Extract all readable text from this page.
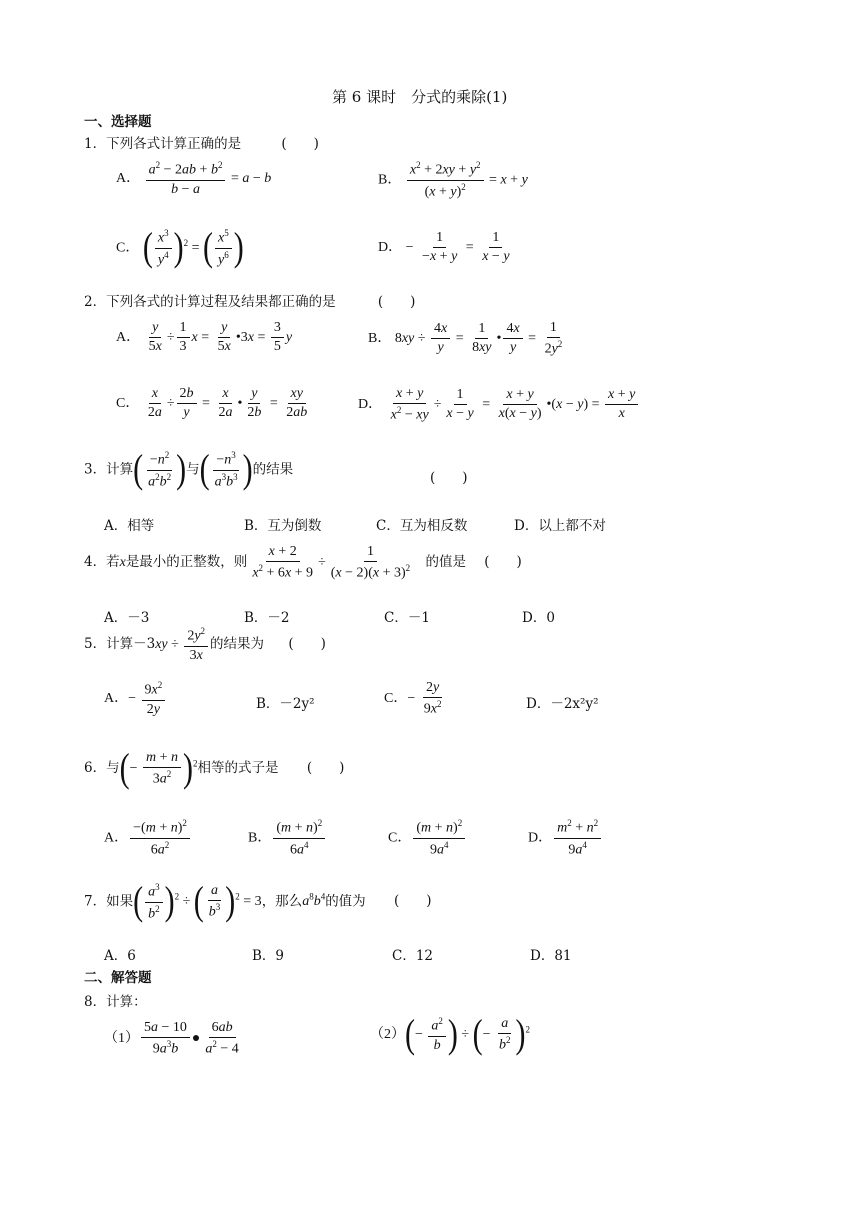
第 6 课时　分式的乘除(1)
一、选择题
1．下列各式计算正确的是	(　　)
A． $\frac{a^2 - 2ab + b^2}{b - a} = a - b$	B． $\frac{x^2 + 2xy + y^2}{(x + y)^2} = x + y$
C． ( $\frac{x^3}{y^4} )^2$ = ( $\frac{x^5}{y^6}$ )	D． − $\frac{1}{-x + y} = \frac{1}{x - y}$
2．下列各式的计算过程及结果都正确的是	(　　)
A． $\frac{y}{5x} \div \frac{1}{3}$ $x = \frac{y}{5x}$ •3x = $\frac{3}{5}$ y	B． $8xy \div \frac{4x}{y} = \frac{1}{8xy}$ • $\frac{4x}{y} = \frac{1}{2y^2}$
C． $\frac{x}{2a} \div \frac{2b}{y} = \frac{x}{2a}$ • $\frac{y}{2b} = \frac{xy}{2ab}$	D． $\frac{x + y}{x^2 - xy} \div \frac{1}{x - y} = \frac{x + y}{x(x - y)}$ •(x − $y) = \frac{x + y}{x}$
3．计算( $\frac{-n^2}{a^2b^2}$ )与( $\frac{-n^3}{a^3b^3}$ )的结果
(　　)
A．相等	B．互为倒数	C．互为相反数	D．以上都不对
4．若x是最小的正整数，则 $\frac{x + 2}{x^2 + 6x + 9} \div \frac{1}{(x - 2)(x + 3)^2}$ 的值是 (　　)
A．－3	B．－2	C．－1	D．0
5．计算$-3xy \div \frac{2y^2}{3x}$ 的结果为 (　　)
A．− $\frac{9x^2}{2y}$	B．－2y²	C．− $\frac{2y}{9x^2}$	D．－2x²y²
6．与(− $\frac{m + n}{3a^2} )^2$相等的式子是 (　　)
A． $\frac{-(m + n)^2}{6a^2}$	B． $\frac{(m + n)^2}{6a^4}$	C． $\frac{(m + n)^2}{9a^4}$	D． $\frac{m^2 + n^2}{9a^4}$
7．如果( $\frac{a^3}{b^2} )^2$ ÷ ( $\frac{a}{b^3} )^2 = 3$，那么$a^8b^4$的值为 (　　)
A．6	B．9	C．12	D．81
二、解答题
8．计算：
$(1) \frac{5a - 10}{9a^3b}$ ● $\frac{6ab}{a^2 - 4}$	$(2)(- \frac{a^2}{b}$ ) ÷ (− $\frac{a}{b^2} )^2$
